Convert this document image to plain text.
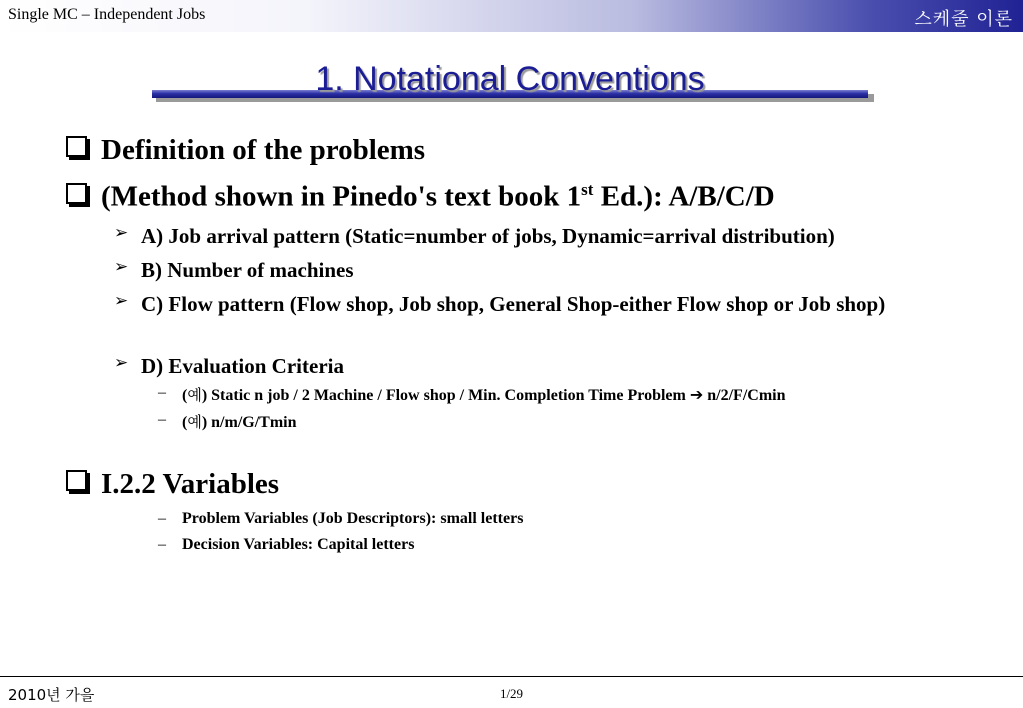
Single MC – Independent Jobs	스케줄 이론
1. Notational Conventions
Definition of the problems
(Method shown in Pinedo's text book 1st Ed.): A/B/C/D
➢ A) Job arrival pattern (Static=number of jobs, Dynamic=arrival distribution)
➢ B) Number of machines
➢ C) Flow pattern (Flow shop, Job shop, General Shop-either Flow shop or Job shop)
➢ D) Evaluation Criteria
– (예) Static n job / 2 Machine / Flow shop / Min. Completion Time Problem ➔ n/2/F/Cmin
– (예) n/m/G/Tmin
I.2.2 Variables
– Problem Variables (Job Descriptors): small letters
– Decision Variables: Capital letters
2010년 가을	1/29
